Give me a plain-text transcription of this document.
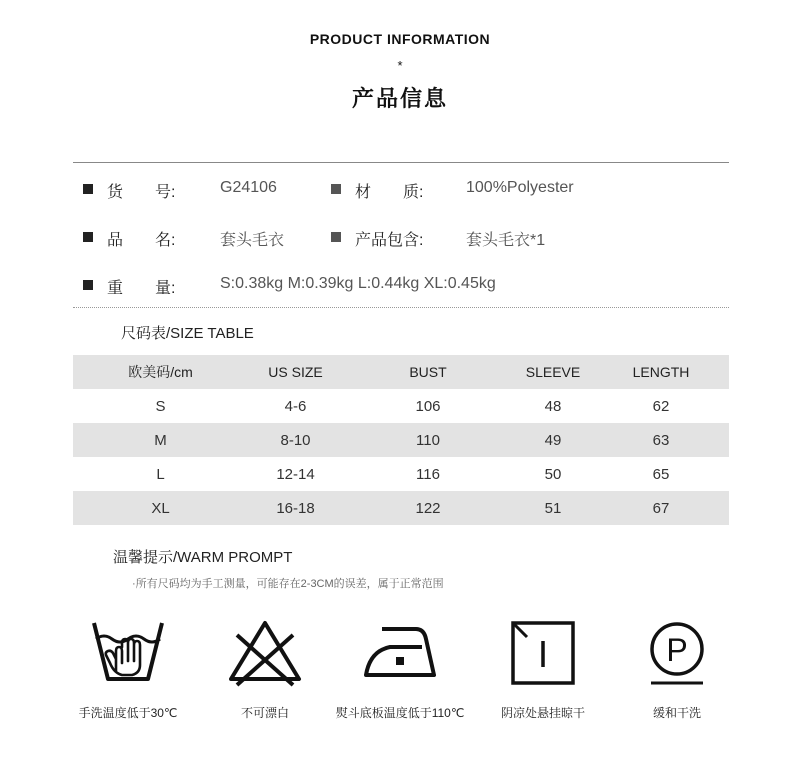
PRODUCT INFORMATION
*
产品信息
货　　号:	G24106	材　　质:	100%Polyester
品　　名:	套头毛衣	产品包含:	套头毛衣*1
重　　量:	S:0.38kg M:0.39kg L:0.44kg XL:0.45kg
尺码表/SIZE TABLE
欧美码/cm	US SIZE	BUST	SLEEVE	LENGTH
S	4-6	106	48	62
M	8-10	110	49	63
L	12-14	116	50	65
XL	16-18	122	51	67
温馨提示/WARM PROMPT
·所有尺码均为手工测量，可能存在2-3CM的误差，属于正常范围
手洗温度低于30℃	不可漂白	熨斗底板温度低于110℃	阴凉处悬挂晾干
P
缓和干洗
